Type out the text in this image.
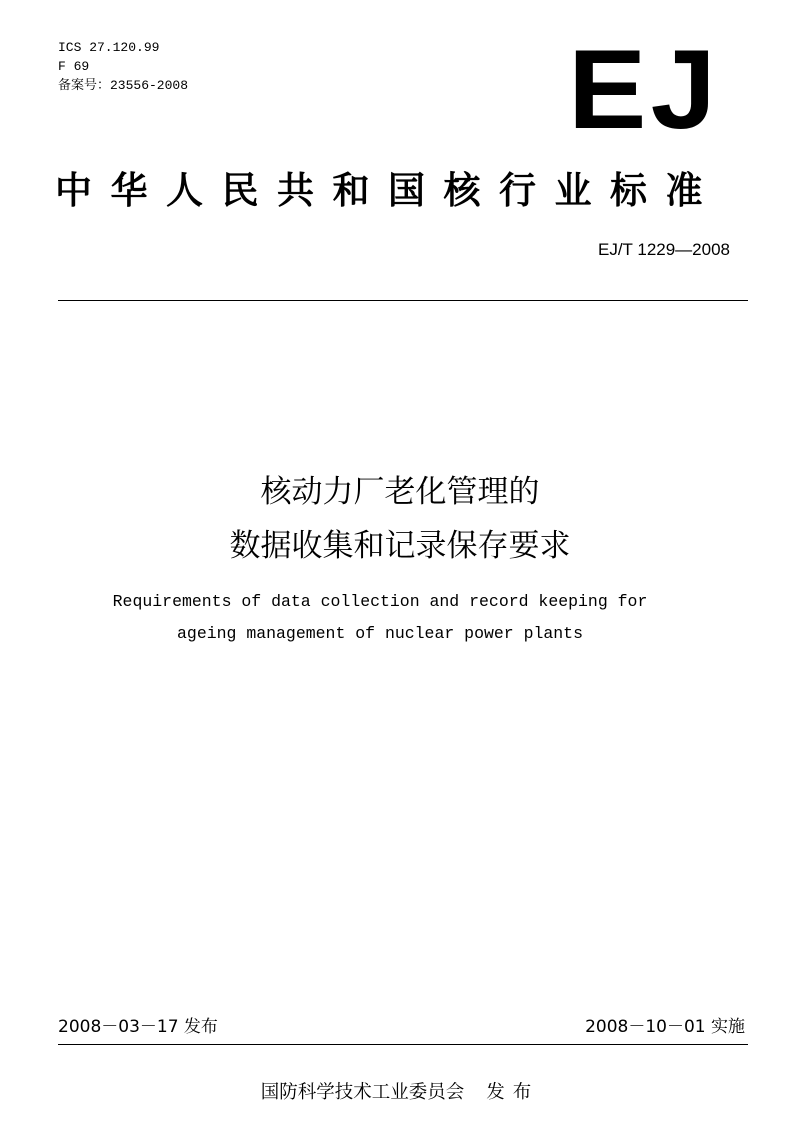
ICS 27.120.99
F 69
备案号：23556-2008	EJ
中华人民共和国核行业标准
EJ/T 1229—2008
核动力厂老化管理的
数据收集和记录保存要求
Requirements of data collection and record keeping for
ageing management of nuclear power plants
2008－03－17 发布	2008－10－01 实施
国防科学技术工业委员会 发布
